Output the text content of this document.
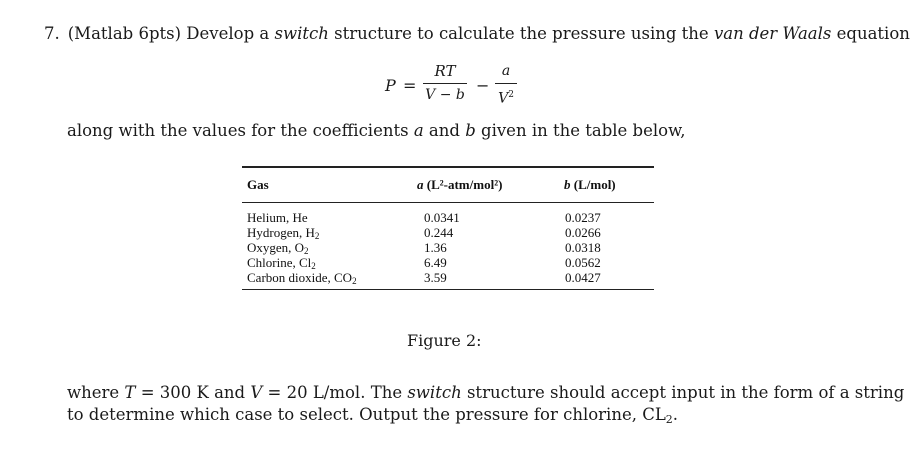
7. (Matlab 6pts) Develop a switch structure to calculate the pressure using the van der Waals equation
P =
RT
V − b −
a
$V^2$
along with the values for the coefficients a and b given in the table below,
Gas	a (L²-atm/mol²)	b (L/mol)
Helium, He	0.0341	0.0237
Hydrogen, $H_2$	0.244	0.0266
Oxygen, $O_2$	1.36	0.0318
Chlorine, $Cl_2$	6.49	0.0562
Carbon dioxide, $CO_2$	3.59	0.0427
Figure 2:
where T = 300 K and V = 20 L/mol. The switch structure should accept input in the form of a string
to determine which case to select. Output the pressure for chlorine, CL2.
